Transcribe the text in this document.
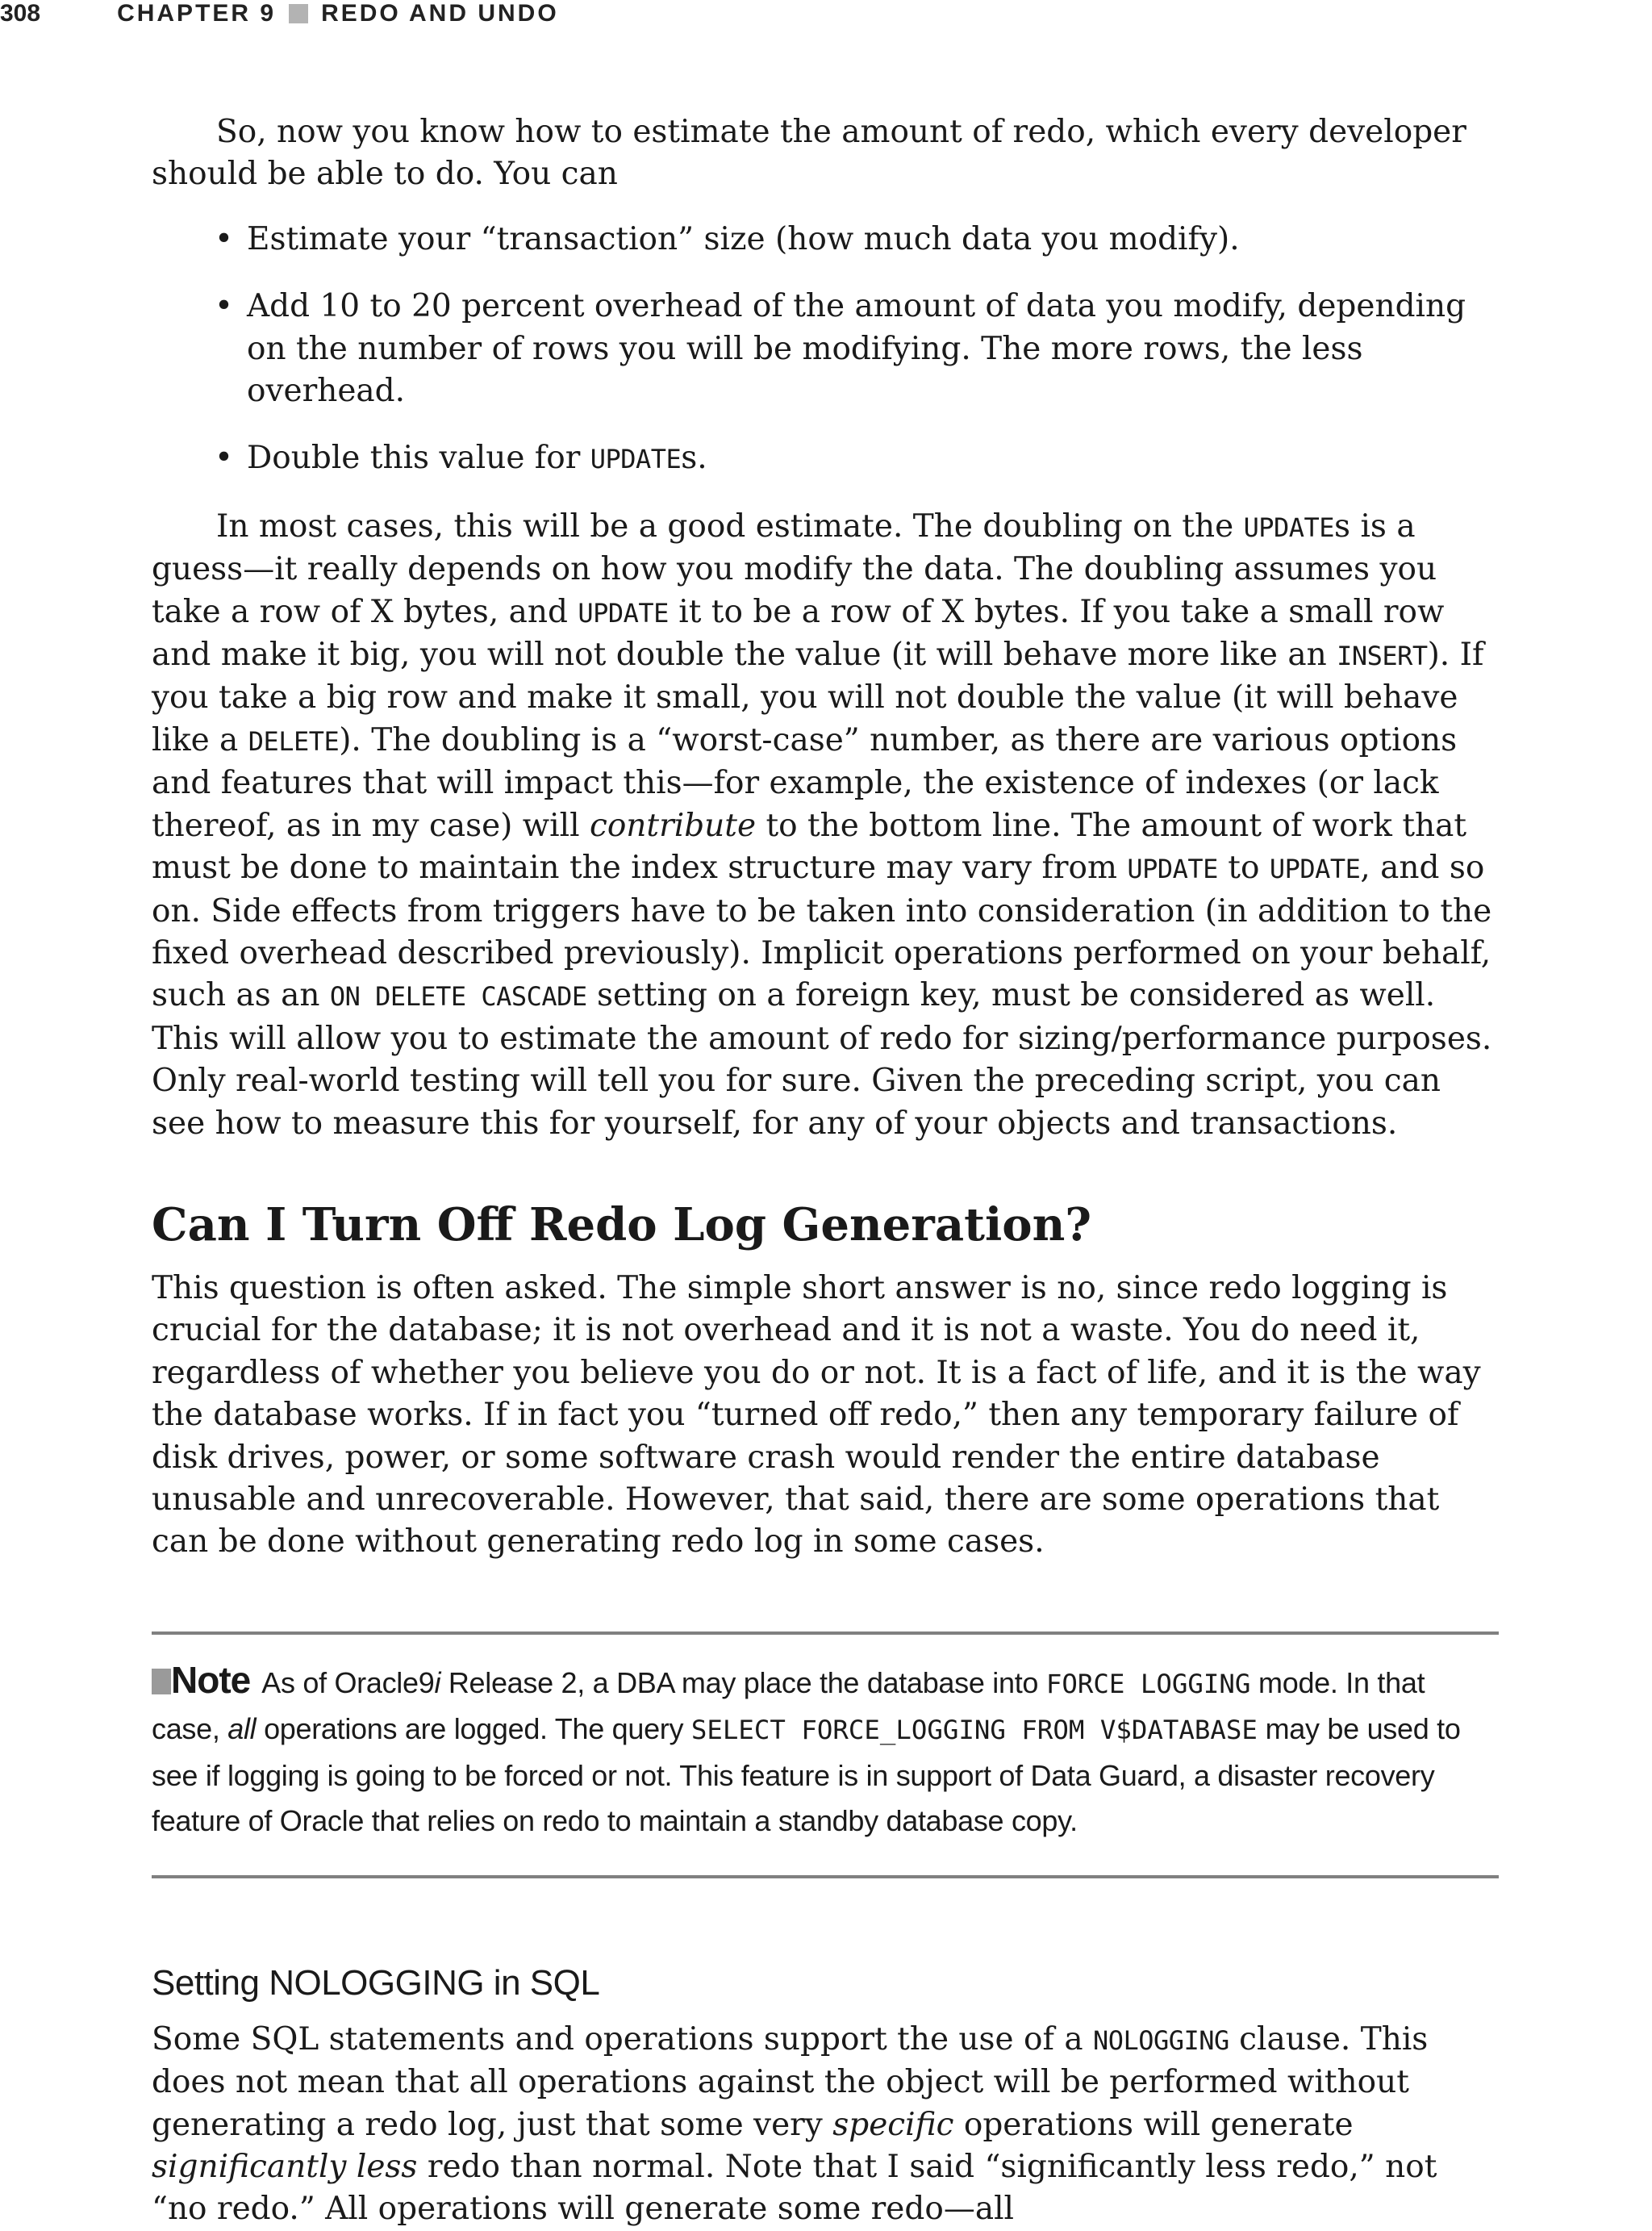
308	CHAPTER 9 REDO AND UNDO

So, now you know how to estimate the amount of redo, which every developer should be able to do. You can

• Estimate your “transaction” size (how much data you modify).
• Add 10 to 20 percent overhead of the amount of data you modify, depending on the number of rows you will be modifying. The more rows, the less overhead.
• Double this value for UPDATEs.

In most cases, this will be a good estimate. The doubling on the UPDATEs is a guess—it really depends on how you modify the data. The doubling assumes you take a row of X bytes, and UPDATE it to be a row of X bytes. If you take a small row and make it big, you will not double the value (it will behave more like an INSERT). If you take a big row and make it small, you will not double the value (it will behave like a DELETE). The doubling is a “worst-case” number, as there are various options and features that will impact this—for example, the existence of indexes (or lack thereof, as in my case) will contribute to the bottom line. The amount of work that must be done to maintain the index structure may vary from UPDATE to UPDATE, and so on. Side effects from triggers have to be taken into consideration (in addition to the fixed overhead described previously). Implicit operations performed on your behalf, such as an ON DELETE CASCADE setting on a foreign key, must be considered as well. This will allow you to estimate the amount of redo for sizing/performance purposes. Only real-world testing will tell you for sure. Given the preceding script, you can see how to measure this for yourself, for any of your objects and transactions.

Can I Turn Off Redo Log Generation?

This question is often asked. The simple short answer is no, since redo logging is crucial for the database; it is not overhead and it is not a waste. You do need it, regardless of whether you believe you do or not. It is a fact of life, and it is the way the database works. If in fact you “turned off redo,” then any temporary failure of disk drives, power, or some software crash would render the entire database unusable and unrecoverable. However, that said, there are some operations that can be done without generating redo log in some cases.

Note As of Oracle9i Release 2, a DBA may place the database into FORCE LOGGING mode. In that case, all operations are logged. The query SELECT FORCE_LOGGING FROM V$DATABASE may be used to see if logging is going to be forced or not. This feature is in support of Data Guard, a disaster recovery feature of Oracle that relies on redo to maintain a standby database copy.
Setting NOLOGGING in SQL

Some SQL statements and operations support the use of a NOLOGGING clause. This does not mean that all operations against the object will be performed without generating a redo log, just that some very specific operations will generate significantly less redo than normal. Note that I said “significantly less redo,” not “no redo.” All operations will generate some redo—all
